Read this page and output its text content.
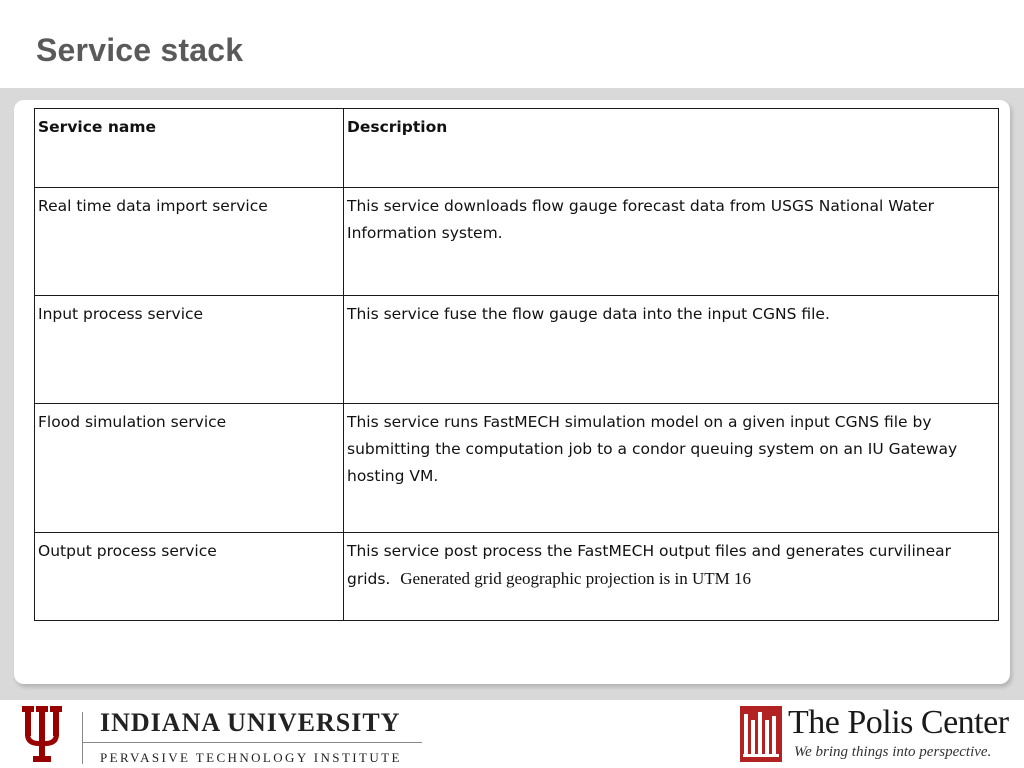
Service stack
Service name	Description
Real time data import service	This service downloads flow gauge forecast data from USGS National Water Information system.
Input process service	This service fuse the flow gauge data into the input CGNS file.
Flood simulation service	This service runs FastMECH simulation model on a given input CGNS file by submitting the computation job to a condor queuing system on an IU Gateway hosting VM.
Output process service	This service post process the FastMECH output files and generates curvilinear grids. Generated grid geographic projection is in UTM 16
INDIANA UNIVERSITY
PERVASIVE TECHNOLOGY INSTITUTE
The Polis Center
We bring things into perspective.
